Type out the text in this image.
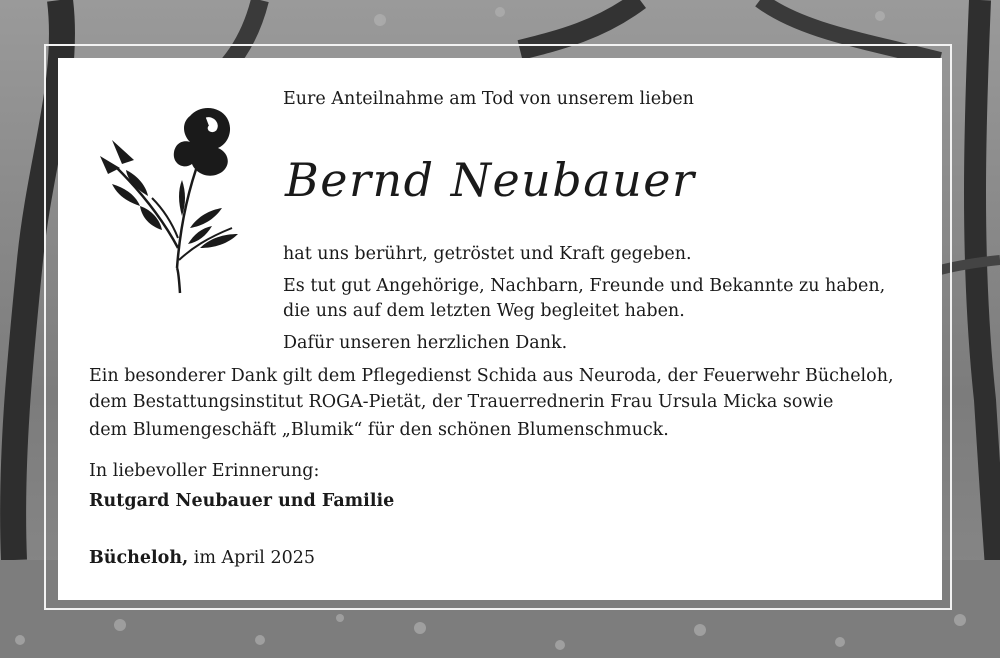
Eure Anteilnahme am Tod von unserem lieben
Bernd Neubauer
hat uns berührt, getröstet und Kraft gegeben.
Es tut gut Angehörige, Nachbarn, Freunde und Bekannte zu haben,
die uns auf dem letzten Weg begleitet haben.
Dafür unseren herzlichen Dank.
Ein besonderer Dank gilt dem Pflegedienst Schida aus Neuroda, der Feuerwehr Bücheloh,
dem Bestattungsinstitut ROGA-Pietät, der Trauerrednerin Frau Ursula Micka sowie
dem Blumengeschäft „Blumik“ für den schönen Blumenschmuck.
In liebevoller Erinnerung:
Rutgard Neubauer und Familie
Bücheloh, im April 2025
